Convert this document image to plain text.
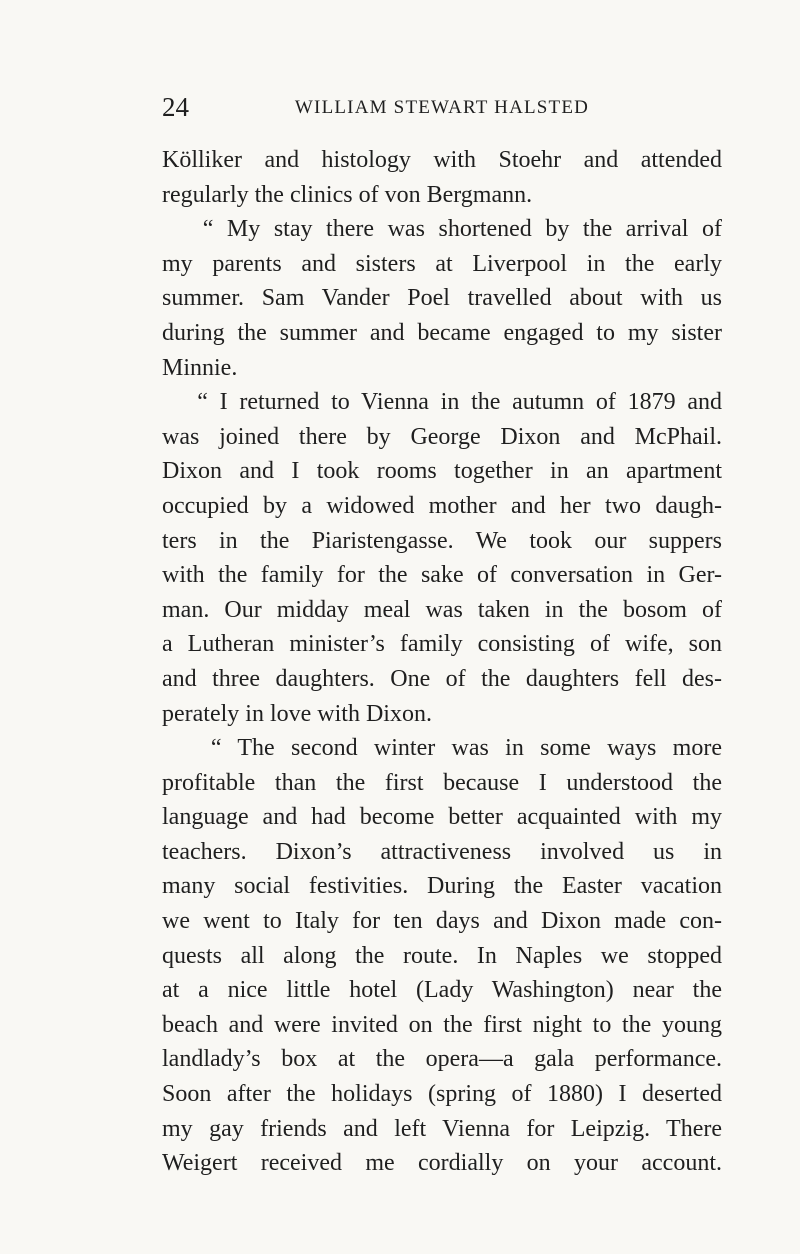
24	WILLIAM STEWART HALSTED
Kölliker and histology with Stoehr and attended
regularly the clinics of von Bergmann.
“ My stay there was shortened by the arrival of
my parents and sisters at Liverpool in the early
summer. Sam Vander Poel travelled about with us
during the summer and became engaged to my sister
Minnie.
“ I returned to Vienna in the autumn of 1879 and
was joined there by George Dixon and McPhail.
Dixon and I took rooms together in an apartment
occupied by a widowed mother and her two daugh-
ters in the Piaristengasse. We took our suppers
with the family for the sake of conversation in Ger-
man. Our midday meal was taken in the bosom of
a Lutheran minister’s family consisting of wife, son
and three daughters. One of the daughters fell des-
perately in love with Dixon.
“ The second winter was in some ways more
profitable than the first because I understood the
language and had become better acquainted with my
teachers. Dixon’s attractiveness involved us in
many social festivities. During the Easter vacation
we went to Italy for ten days and Dixon made con-
quests all along the route. In Naples we stopped
at a nice little hotel (Lady Washington) near the
beach and were invited on the first night to the young
landlady’s box at the opera—a gala performance.
Soon after the holidays (spring of 1880) I deserted
my gay friends and left Vienna for Leipzig. There
Weigert received me cordially on your account.
